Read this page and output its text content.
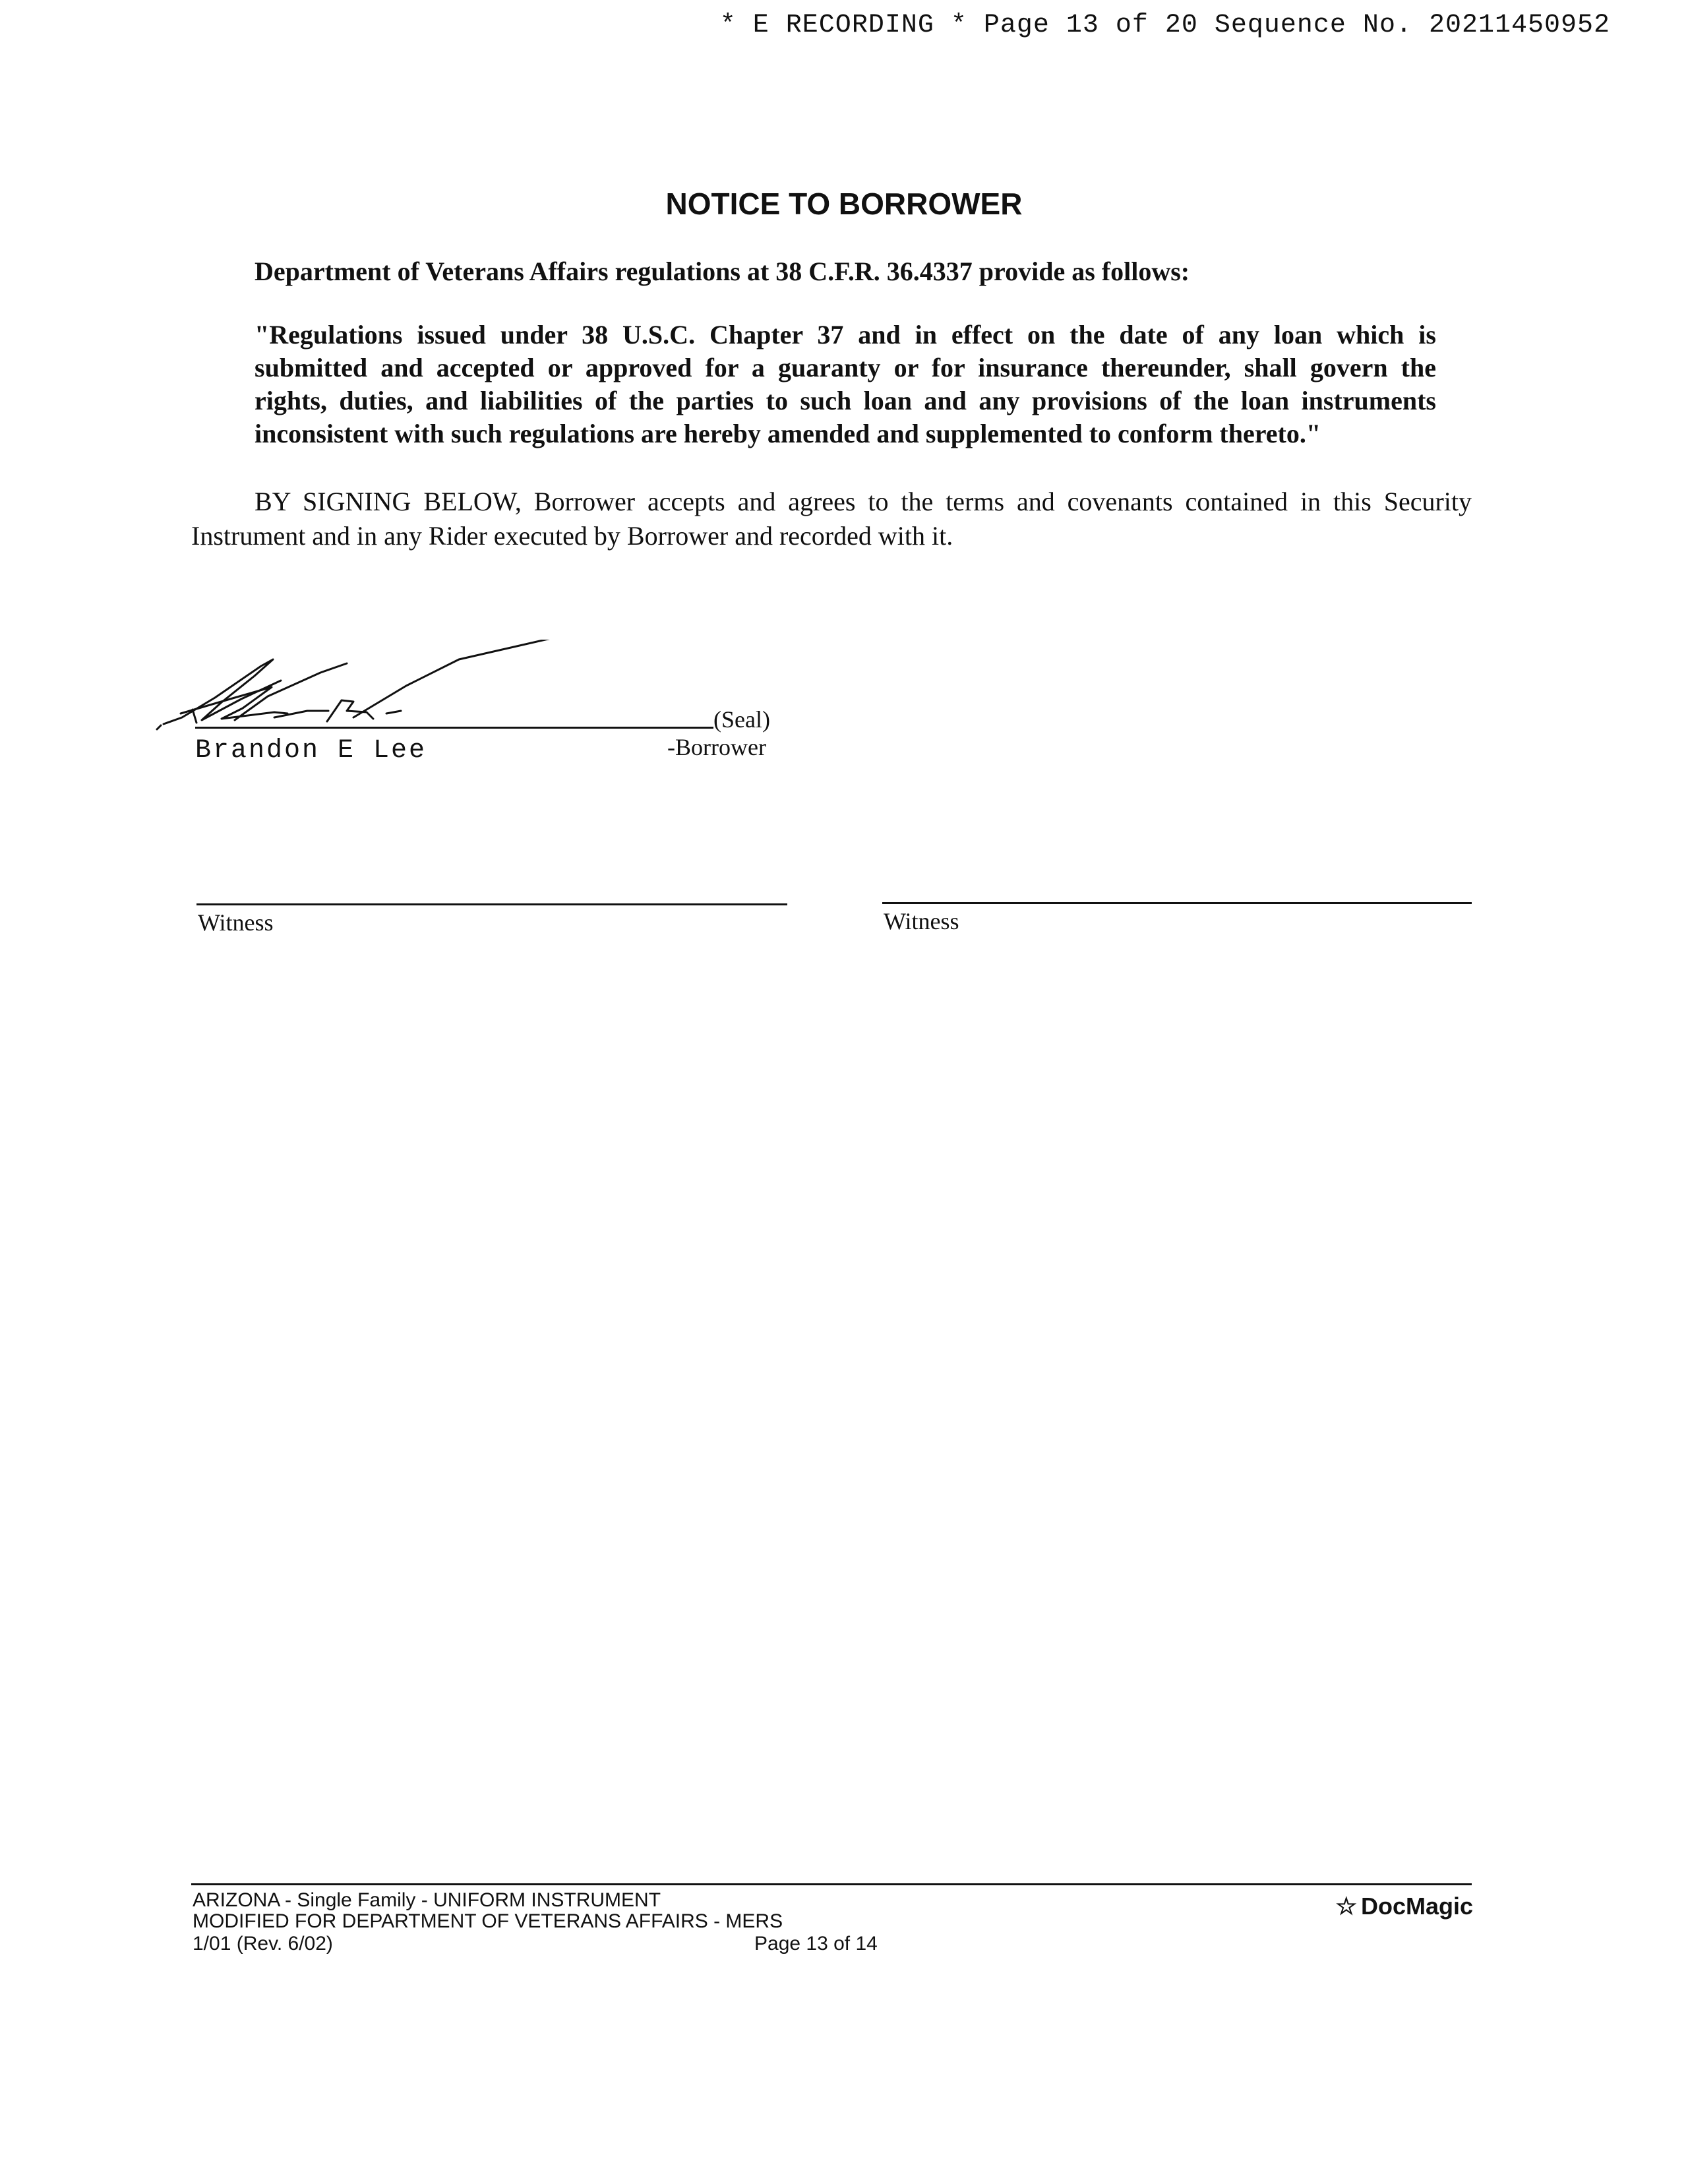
* E RECORDING * Page 13 of 20 Sequence No. 20211450952
NOTICE TO BORROWER
Department of Veterans Affairs regulations at 38 C.F.R. 36.4337 provide as follows:
"Regulations issued under 38 U.S.C. Chapter 37 and in effect on the date of any loan which is
submitted and accepted or approved for a guaranty or for insurance thereunder, shall govern the
rights, duties, and liabilities of the parties to such loan and any provisions of the loan instruments
inconsistent with such regulations are hereby amended and supplemented to conform thereto."
BY SIGNING BELOW, Borrower accepts and agrees to the terms and covenants contained in this Security
Instrument and in any Rider executed by Borrower and recorded with it.
(Seal)
Brandon E Lee	-Borrower
Witness	Witness
ARIZONA - Single Family - UNIFORM INSTRUMENT
MODIFIED FOR DEPARTMENT OF VETERANS AFFAIRS - MERS
1/01 (Rev. 6/02)	Page 13 of 14
☆ DocMagic
